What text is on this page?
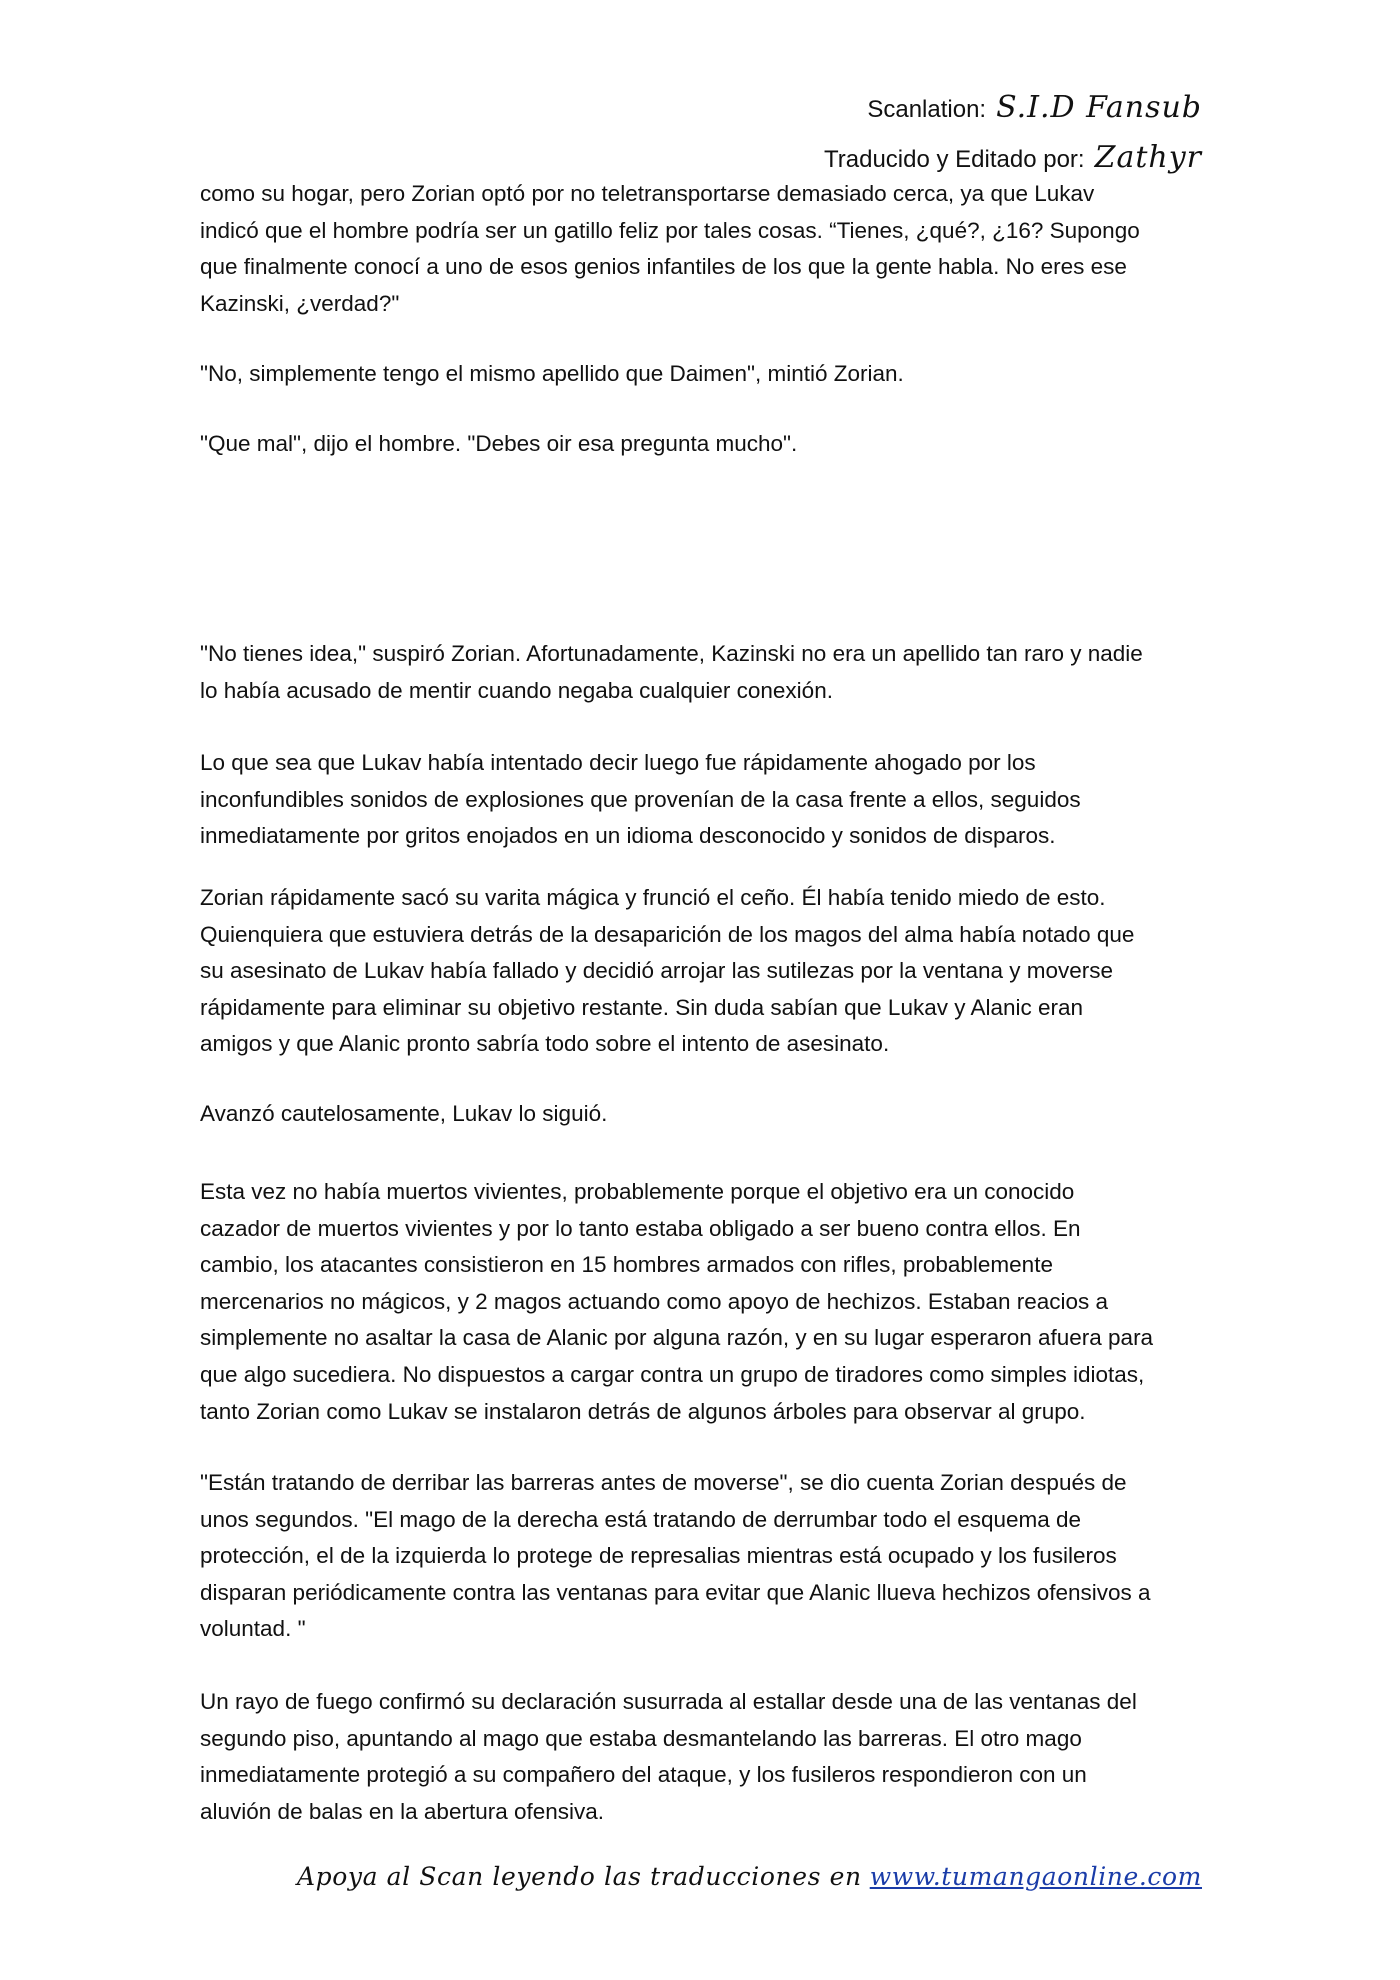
Scanlation: S.I.D Fansub
Traducido y Editado por: Zathyr

como su hogar, pero Zorian optó por no teletransportarse demasiado cerca, ya que Lukav
indicó que el hombre podría ser un gatillo feliz por tales cosas. “Tienes, ¿qué?, ¿16? Supongo
que finalmente conocí a uno de esos genios infantiles de los que la gente habla. No eres ese
Kazinski, ¿verdad?"

"No, simplemente tengo el mismo apellido que Daimen", mintió Zorian.

"Que mal", dijo el hombre. "Debes oir esa pregunta mucho".

"No tienes idea," suspiró Zorian. Afortunadamente, Kazinski no era un apellido tan raro y nadie
lo había acusado de mentir cuando negaba cualquier conexión.

Lo que sea que Lukav había intentado decir luego fue rápidamente ahogado por los
inconfundibles sonidos de explosiones que provenían de la casa frente a ellos, seguidos
inmediatamente por gritos enojados en un idioma desconocido y sonidos de disparos.

Zorian rápidamente sacó su varita mágica y frunció el ceño. Él había tenido miedo de esto.
Quienquiera que estuviera detrás de la desaparición de los magos del alma había notado que
su asesinato de Lukav había fallado y decidió arrojar las sutilezas por la ventana y moverse
rápidamente para eliminar su objetivo restante. Sin duda sabían que Lukav y Alanic eran
amigos y que Alanic pronto sabría todo sobre el intento de asesinato.

Avanzó cautelosamente, Lukav lo siguió.

Esta vez no había muertos vivientes, probablemente porque el objetivo era un conocido
cazador de muertos vivientes y por lo tanto estaba obligado a ser bueno contra ellos. En
cambio, los atacantes consistieron en 15 hombres armados con rifles, probablemente
mercenarios no mágicos, y 2 magos actuando como apoyo de hechizos. Estaban reacios a
simplemente no asaltar la casa de Alanic por alguna razón, y en su lugar esperaron afuera para
que algo sucediera. No dispuestos a cargar contra un grupo de tiradores como simples idiotas,
tanto Zorian como Lukav se instalaron detrás de algunos árboles para observar al grupo.

"Están tratando de derribar las barreras antes de moverse", se dio cuenta Zorian después de
unos segundos. "El mago de la derecha está tratando de derrumbar todo el esquema de
protección, el de la izquierda lo protege de represalias mientras está ocupado y los fusileros
disparan periódicamente contra las ventanas para evitar que Alanic llueva hechizos ofensivos a
voluntad. "

Un rayo de fuego confirmó su declaración susurrada al estallar desde una de las ventanas del
segundo piso, apuntando al mago que estaba desmantelando las barreras. El otro mago
inmediatamente protegió a su compañero del ataque, y los fusileros respondieron con un
aluvión de balas en la abertura ofensiva.

Apoya al Scan leyendo las traducciones en www.tumangaonline.com
